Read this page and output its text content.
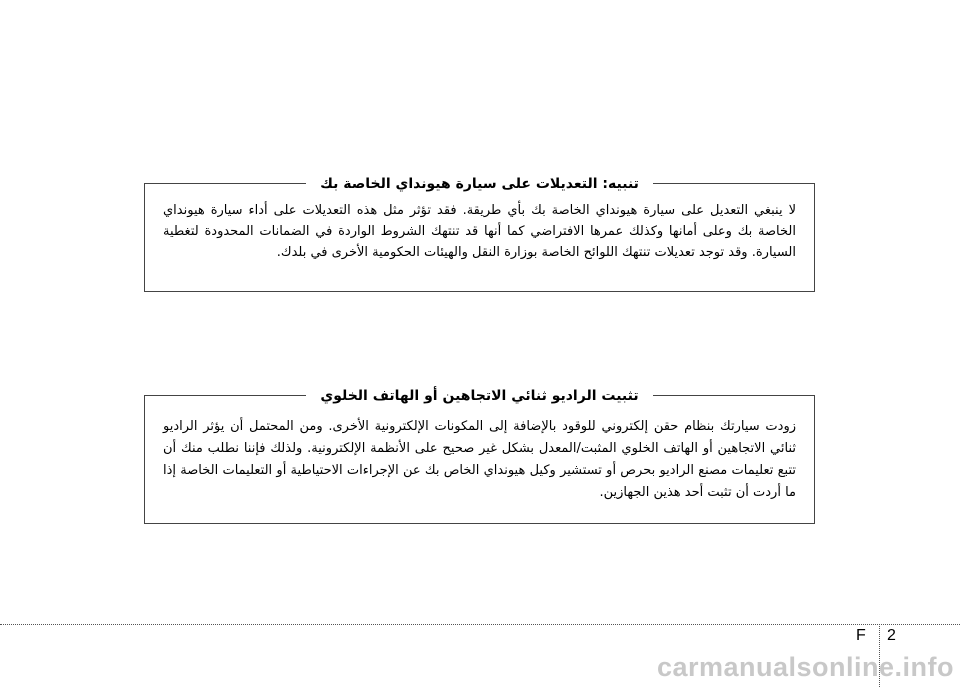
تنبيه: التعديلات على سيارة هيونداي الخاصة بك
لا ينبغي التعديل على سيارة هيونداي الخاصة بك بأي طريقة. فقد تؤثر مثل هذه التعديلات على أداء سيارة هيونداي الخاصة بك وعلى أمانها وكذلك عمرها الافتراضي كما أنها قد تنتهك الشروط الواردة في الضمانات المحدودة لتغطية السيارة. وقد توجد تعديلات تنتهك اللوائح الخاصة بوزارة النقل والهيئات الحكومية الأخرى في بلدك.
تثبيت الراديو ثنائي الاتجاهين أو الهاتف الخلوي
زودت سيارتك بنظام حقن إلكتروني للوقود بالإضافة إلى المكونات الإلكترونية الأخرى. ومن المحتمل أن يؤثر الراديو ثنائي الاتجاهين أو الهاتف الخلوي المثبت/المعدل بشكل غير صحيح على الأنظمة الإلكترونية. ولذلك فإننا نطلب منك أن تتبع تعليمات مصنع الراديو بحرص أو تستشير وكيل هيونداي الخاص بك عن الإجراءات الاحتياطية أو التعليمات الخاصة إذا ما أردت أن تثبت أحد هذين الجهازين.
F 2
carmanualsonline.info
